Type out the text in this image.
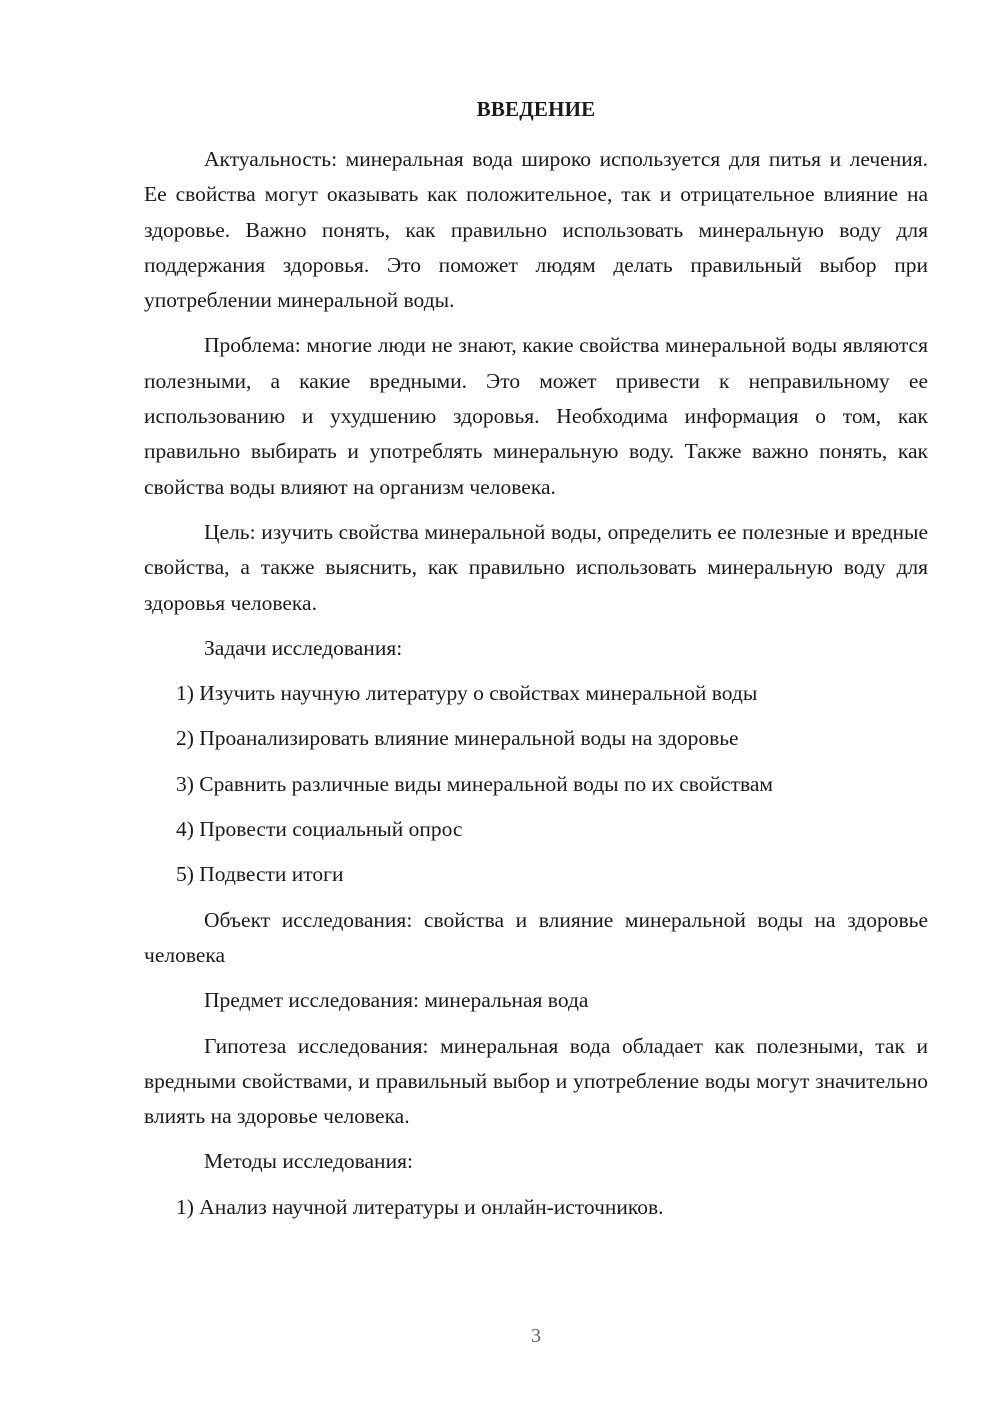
ВВЕДЕНИЕ

Актуальность: минеральная вода широко используется для питья и лечения. Ее свойства могут оказывать как положительное, так и отрицательное влияние на здоровье. Важно понять, как правильно использовать минеральную воду для поддержания здоровья. Это поможет людям делать правильный выбор при употреблении минеральной воды.

Проблема: многие люди не знают, какие свойства минеральной воды являются полезными, а какие вредными. Это может привести к неправильному ее использованию и ухудшению здоровья. Необходима информация о том, как правильно выбирать и употреблять минеральную воду. Также важно понять, как свойства воды влияют на организм человека.

Цель: изучить свойства минеральной воды, определить ее полезные и вредные свойства, а также выяснить, как правильно использовать минеральную воду для здоровья человека.

Задачи исследования:

1) Изучить научную литературу о свойствах минеральной воды

2) Проанализировать влияние минеральной воды на здоровье

3) Сравнить различные виды минеральной воды по их свойствам

4) Провести социальный опрос

5) Подвести итоги

Объект исследования: свойства и влияние минеральной воды на здоровье человека

Предмет исследования: минеральная вода

Гипотеза исследования: минеральная вода обладает как полезными, так и вредными свойствами, и правильный выбор и употребление воды могут значительно влиять на здоровье человека.

Методы исследования:

1) Анализ научной литературы и онлайн-источников.

3
